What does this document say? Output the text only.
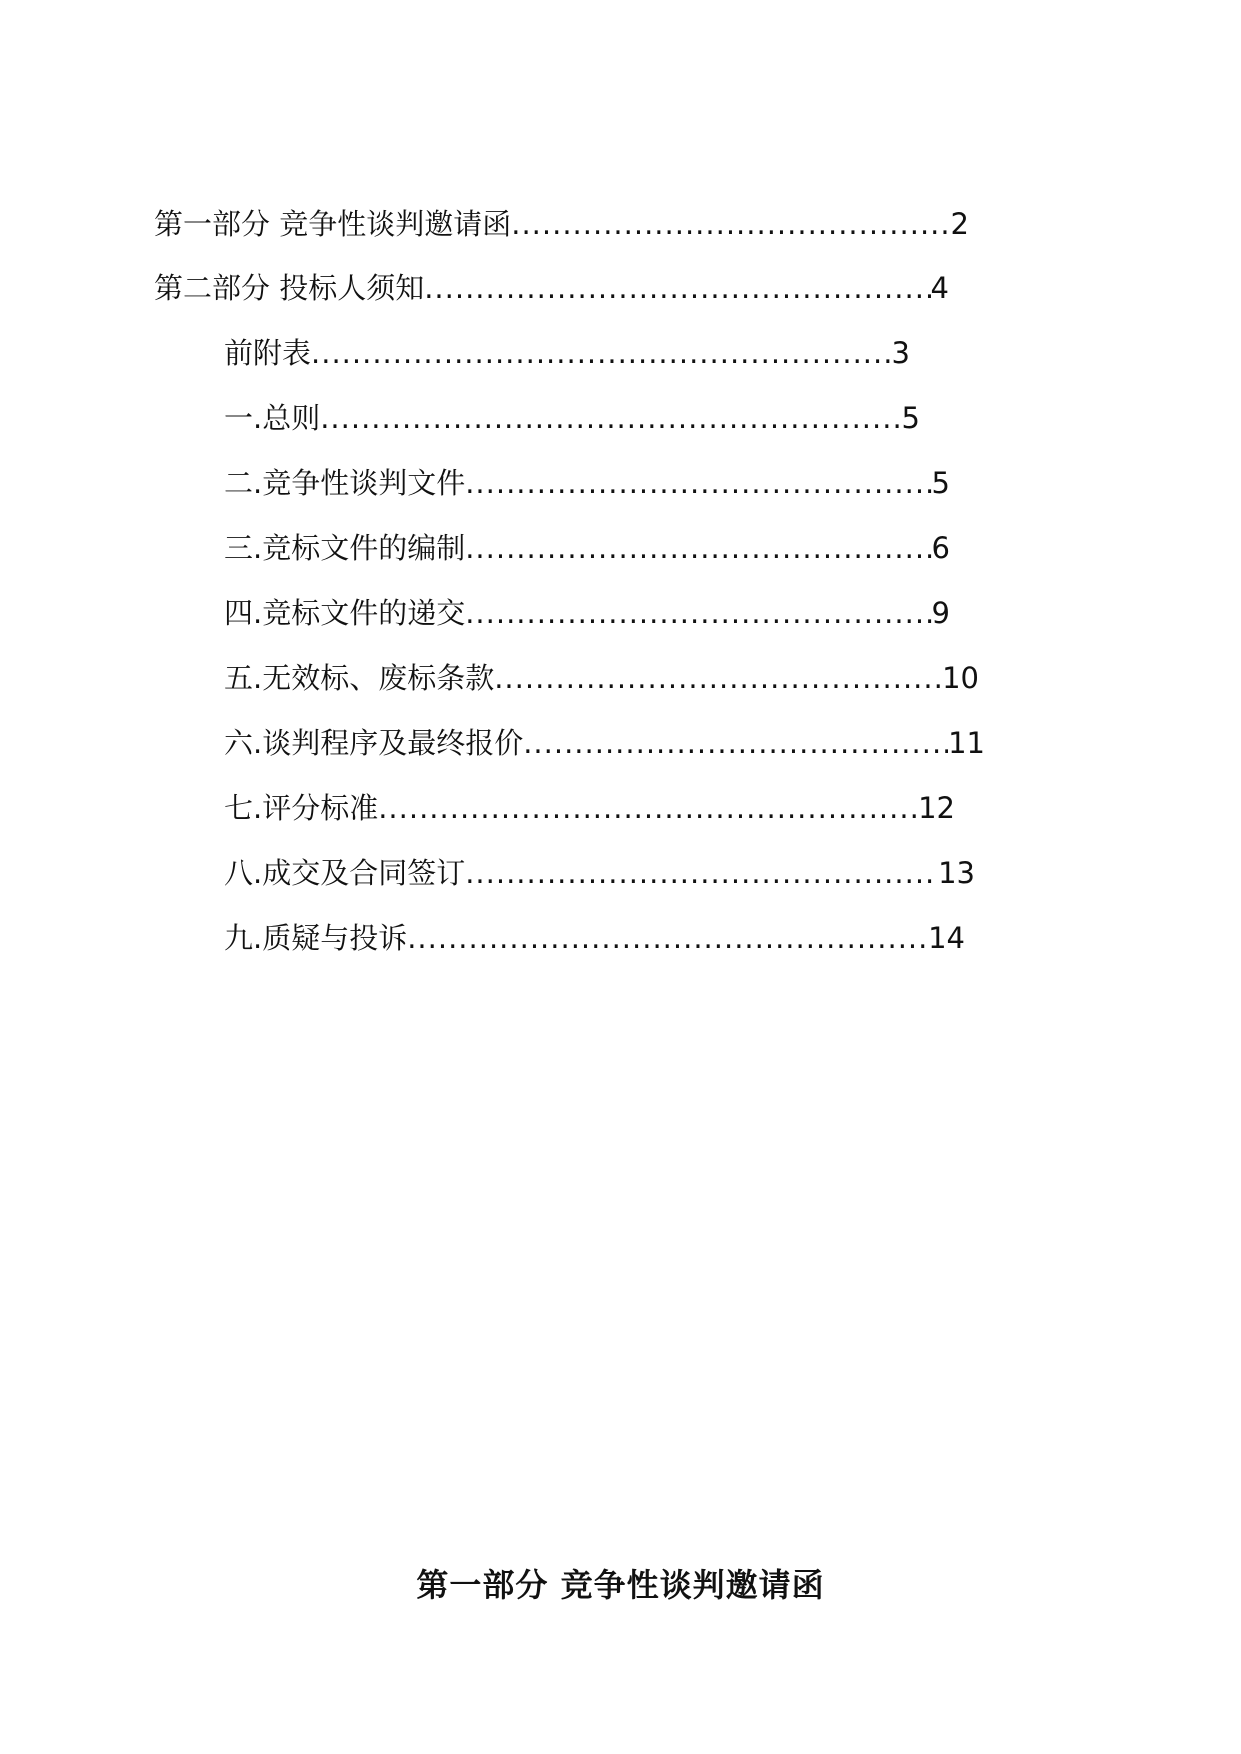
第一部分 竞争性谈判邀请函 .....	2
第二部分 投标人须知 .....	4
前附表 .....	3
一.总则 .....	5
二.竞争性谈判文件 .....	5
三.竞标文件的编制 .....	6
四.竞标文件的递交 .....	9
五.无效标、废标条款 .....	10
六.谈判程序及最终报价 .....	11
七.评分标准 .....	12
八.成交及合同签订 .....	13
九.质疑与投诉 .....	14
第一部分 竞争性谈判邀请函
